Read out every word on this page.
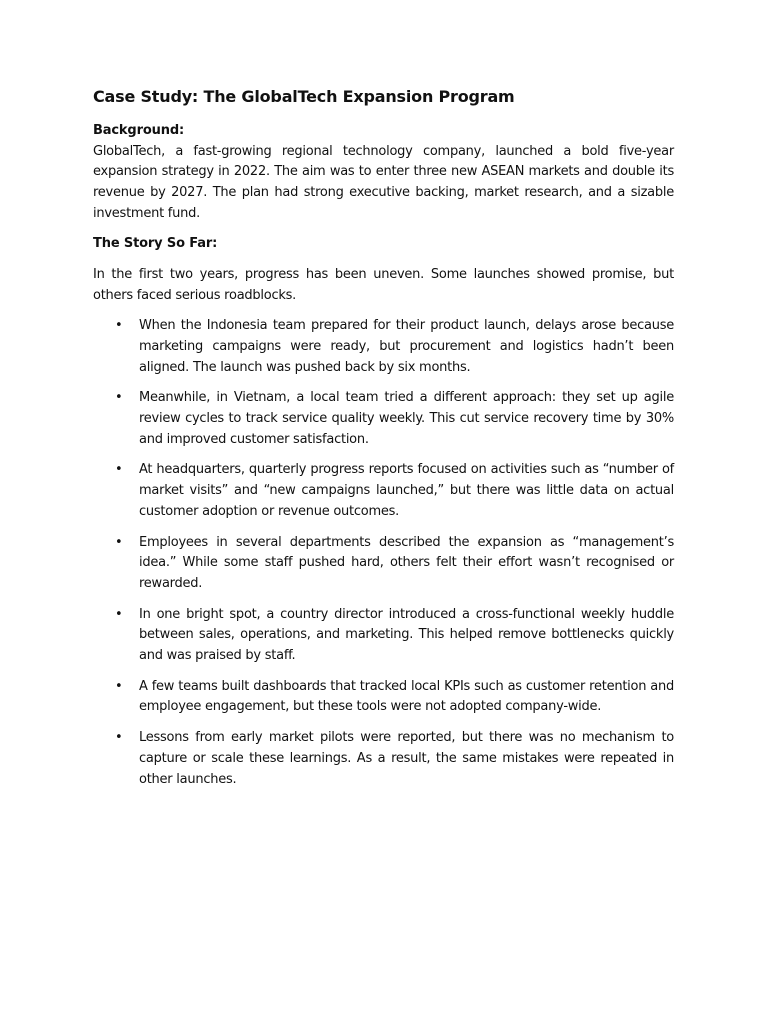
Case Study: The GlobalTech Expansion Program

Background:

GlobalTech, a fast-growing regional technology company, launched a bold five-year expansion strategy in 2022. The aim was to enter three new ASEAN markets and double its revenue by 2027. The plan had strong executive backing, market research, and a sizable investment fund.

The Story So Far:

In the first two years, progress has been uneven. Some launches showed promise, but others faced serious roadblocks.

• When the Indonesia team prepared for their product launch, delays arose because marketing campaigns were ready, but procurement and logistics hadn’t been aligned. The launch was pushed back by six months.

• Meanwhile, in Vietnam, a local team tried a different approach: they set up agile review cycles to track service quality weekly. This cut service recovery time by 30% and improved customer satisfaction.

• At headquarters, quarterly progress reports focused on activities such as “number of market visits” and “new campaigns launched,” but there was little data on actual customer adoption or revenue outcomes.

• Employees in several departments described the expansion as “management’s idea.” While some staff pushed hard, others felt their effort wasn’t recognised or rewarded.

• In one bright spot, a country director introduced a cross-functional weekly huddle between sales, operations, and marketing. This helped remove bottlenecks quickly and was praised by staff.

• A few teams built dashboards that tracked local KPIs such as customer retention and employee engagement, but these tools were not adopted company-wide.

• Lessons from early market pilots were reported, but there was no mechanism to capture or scale these learnings. As a result, the same mistakes were repeated in other launches.
